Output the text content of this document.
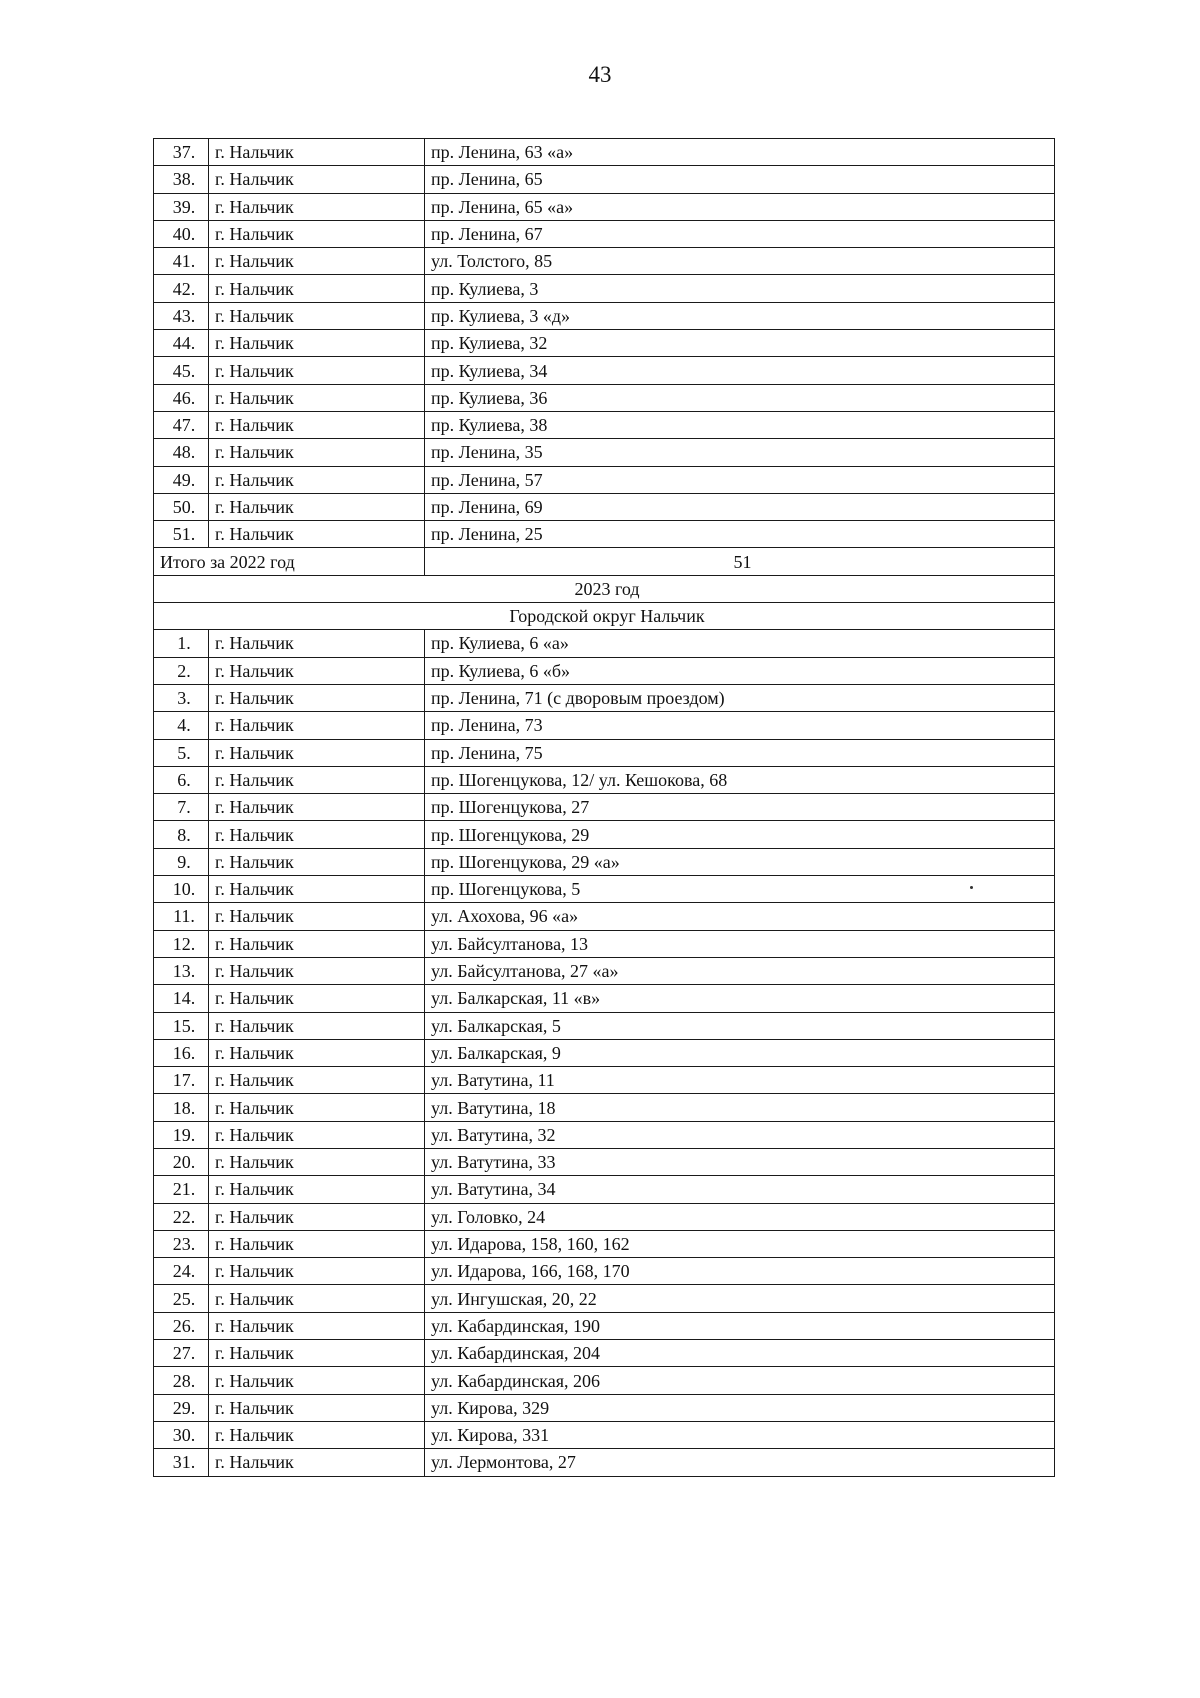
43
37.	г. Нальчик	пр. Ленина, 63 «а»
38.	г. Нальчик	пр. Ленина, 65
39.	г. Нальчик	пр. Ленина, 65 «а»
40.	г. Нальчик	пр. Ленина, 67
41.	г. Нальчик	ул. Толстого, 85
42.	г. Нальчик	пр. Кулиева, 3
43.	г. Нальчик	пр. Кулиева, 3 «д»
44.	г. Нальчик	пр. Кулиева, 32
45.	г. Нальчик	пр. Кулиева, 34
46.	г. Нальчик	пр. Кулиева, 36
47.	г. Нальчик	пр. Кулиева, 38
48.	г. Нальчик	пр. Ленина, 35
49.	г. Нальчик	пр. Ленина, 57
50.	г. Нальчик	пр. Ленина, 69
51.	г. Нальчик	пр. Ленина, 25
Итого за 2022 год		51
2023 год		
Городской округ Нальчик		
1.	г. Нальчик	пр. Кулиева, 6 «а»
2.	г. Нальчик	пр. Кулиева, 6 «б»
3.	г. Нальчик	пр. Ленина, 71 (с дворовым проездом)
4.	г. Нальчик	пр. Ленина, 73
5.	г. Нальчик	пр. Ленина, 75
6.	г. Нальчик	пр. Шогенцукова, 12/ ул. Кешокова, 68
7.	г. Нальчик	пр. Шогенцукова, 27
8.	г. Нальчик	пр. Шогенцукова, 29
9.	г. Нальчик	пр. Шогенцукова, 29 «а»
10.	г. Нальчик	пр. Шогенцукова, 5
11.	г. Нальчик	ул. Ахохова, 96 «а»
12.	г. Нальчик	ул. Байсултанова, 13
13.	г. Нальчик	ул. Байсултанова, 27 «а»
14.	г. Нальчик	ул. Балкарская, 11 «в»
15.	г. Нальчик	ул. Балкарская, 5
16.	г. Нальчик	ул. Балкарская, 9
17.	г. Нальчик	ул. Ватутина, 11
18.	г. Нальчик	ул. Ватутина, 18
19.	г. Нальчик	ул. Ватутина, 32
20.	г. Нальчик	ул. Ватутина, 33
21.	г. Нальчик	ул. Ватутина, 34
22.	г. Нальчик	ул. Головко, 24
23.	г. Нальчик	ул. Идарова, 158, 160, 162
24.	г. Нальчик	ул. Идарова, 166, 168, 170
25.	г. Нальчик	ул. Ингушская, 20, 22
26.	г. Нальчик	ул. Кабардинская, 190
27.	г. Нальчик	ул. Кабардинская, 204
28.	г. Нальчик	ул. Кабардинская, 206
29.	г. Нальчик	ул. Кирова, 329
30.	г. Нальчик	ул. Кирова, 331
31.	г. Нальчик	ул. Лермонтова, 27
